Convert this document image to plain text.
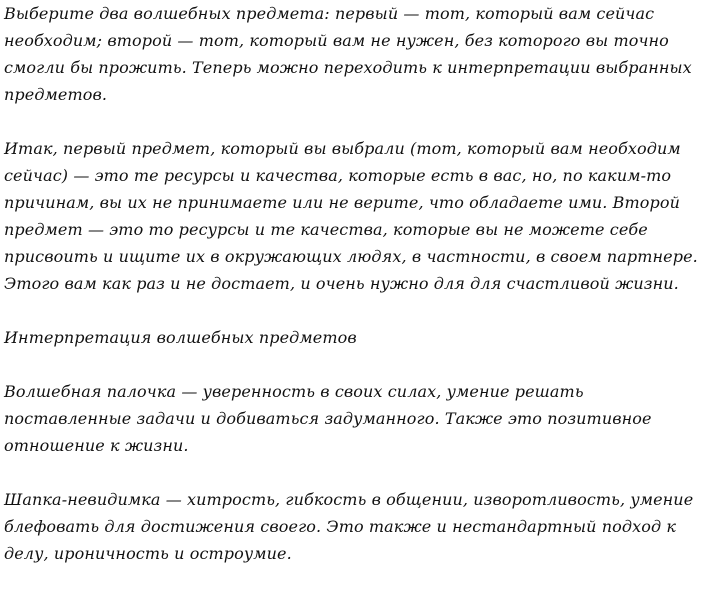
Выберите два волшебных предмета: первый — тот, который вам сейчас необходим; второй — тот, который вам не нужен, без которого вы точно смогли бы прожить. Теперь можно переходить к интерпретации выбранных предметов.

Итак, первый предмет, который вы выбрали (тот, который вам необходим сейчас) — это те ресурсы и качества, которые есть в вас, но, по каким-то причинам, вы их не принимаете или не верите, что обладаете ими. Второй предмет — это то ресурсы и те качества, которые вы не можете себе присвоить и ищите их в окружающих людях, в частности, в своем партнере. Этого вам как раз и не достает, и очень нужно для для счастливой жизни.

Интерпретация волшебных предметов

Волшебная палочка — уверенность в своих силах, умение решать поставленные задачи и добиваться задуманного. Также это позитивное отношение к жизни.

Шапка-невидимка — хитрость, гибкость в общении, изворотливость, умение блефовать для достижения своего. Это также и нестандартный подход к делу, ироничность и остроумие.
